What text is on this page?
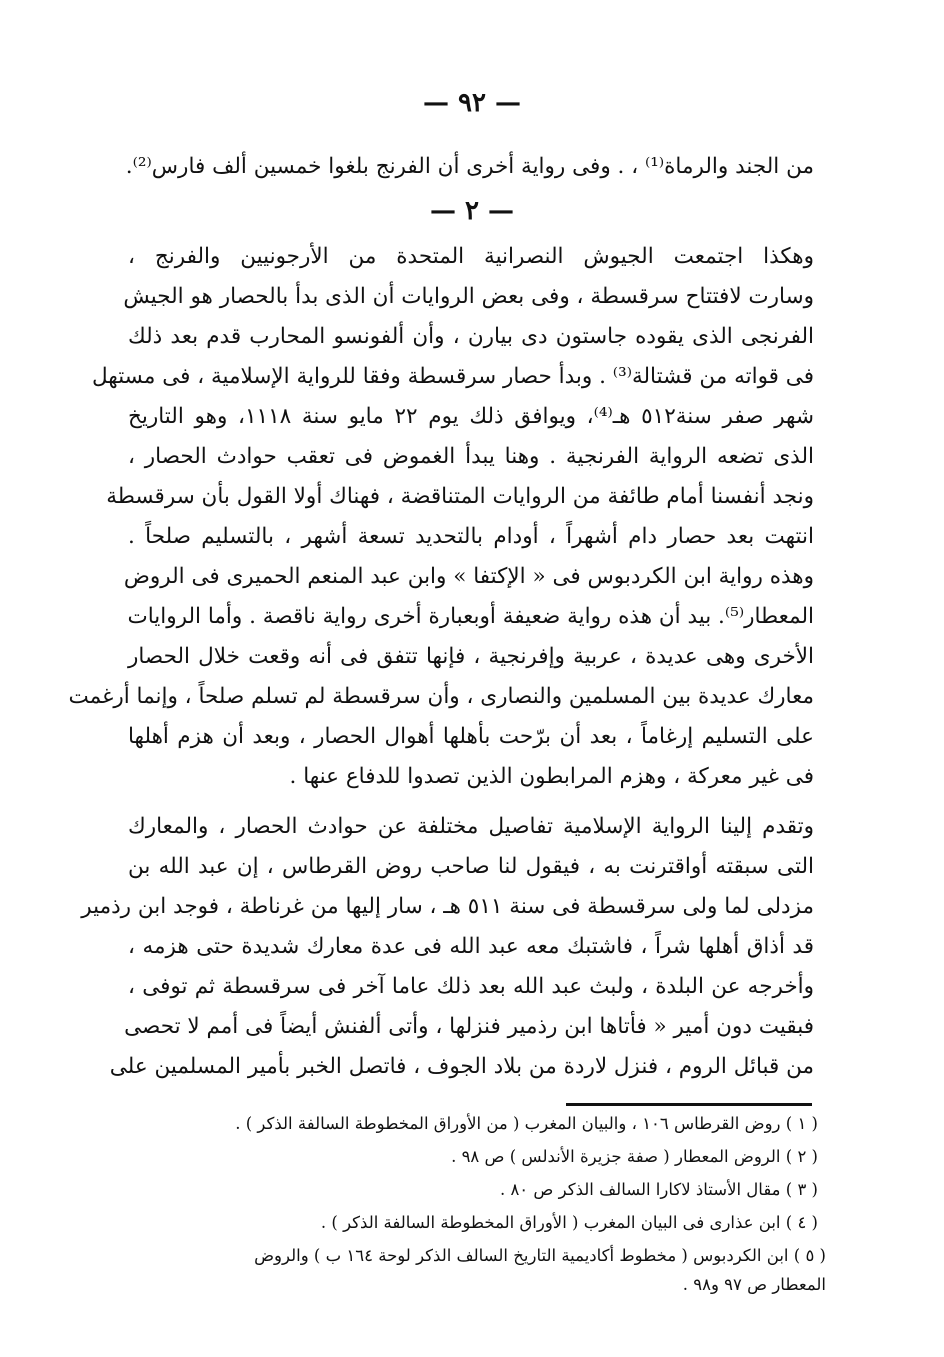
— ٩٢ —
من الجند والرماة⁽¹⁾ ، . وفى رواية أخرى أن الفرنج بلغوا خمسين ألف فارس⁽²⁾.
— ٢ —
وهكذا اجتمعت الجيوش النصرانية المتحدة من الأرجونيين والفرنج ،
وسارت لافتتاح سرقسطة ، وفى بعض الروايات أن الذى بدأ بالحصار هو الجيش
الفرنجى الذى يقوده جاستون دى بيارن ، وأن ألفونسو المحارب قدم بعد ذلك
فى قواته من قشتالة⁽³⁾ . وبدأ حصار سرقسطة وفقا للرواية الإسلامية ، فى مستهل
شهر صفر سنة٥١٢ هـ⁽⁴⁾، ويوافق ذلك يوم ٢٢ مايو سنة ١١١٨، وهو التاريخ
الذى تضعه الرواية الفرنجية . وهنا يبدأ الغموض فى تعقب حوادث الحصار ،
ونجد أنفسنا أمام طائفة من الروايات المتناقضة ، فهناك أولا القول بأن سرقسطة
انتهت بعد حصار دام أشهراً ، أودام بالتحديد تسعة أشهر ، بالتسليم صلحاً .
وهذه رواية ابن الكردبوس فى « الإكتفا » وابن عبد المنعم الحميرى فى الروض
المعطار⁽⁵⁾. بيد أن هذه رواية ضعيفة أوبعبارة أخرى رواية ناقصة . وأما الروايات
الأخرى وهى عديدة ، عربية وإفرنجية ، فإنها تتفق فى أنه وقعت خلال الحصار
معارك عديدة بين المسلمين والنصارى ، وأن سرقسطة لم تسلم صلحاً ، وإنما أرغمت
على التسليم إرغاماً ، بعد أن برّحت بأهلها أهوال الحصار ، وبعد أن هزم أهلها
فى غير معركة ، وهزم المرابطون الذين تصدوا للدفاع عنها .
وتقدم إلينا الرواية الإسلامية تفاصيل مختلفة عن حوادث الحصار ، والمعارك
التى سبقته أواقترنت به ، فيقول لنا صاحب روض القرطاس ، إن عبد الله بن
مزدلى لما ولى سرقسطة فى سنة ٥١١ هـ ، سار إليها من غرناطة ، فوجد ابن رذمير
قد أذاق أهلها شراً ، فاشتبك معه عبد الله فى عدة معارك شديدة حتى هزمه ،
وأخرجه عن البلدة ، ولبث عبد الله بعد ذلك عاما آخر فى سرقسطة ثم توفى ،
فبقيت دون أمير « فأتاها ابن رذمير فنزلها ، وأتى ألفنش أيضاً فى أمم لا تحصى
من قبائل الروم ، فنزل لاردة من بلاد الجوف ، فاتصل الخبر بأمير المسلمين على
( ١ ) روض القرطاس ١٠٦ ، والبيان المغرب ( من الأوراق المخطوطة السالفة الذكر ) .
( ٢ ) الروض المعطار ( صفة جزيرة الأندلس ) ص ٩٨ .
( ٣ ) مقال الأستاذ لاكارا السالف الذكر ص ٨٠ .
( ٤ ) ابن عذارى فى البيان المغرب ( الأوراق المخطوطة السالفة الذكر ) .
( ٥ ) ابن الكردبوس ( مخطوط أكاديمية التاريخ السالف الذكر لوحة ١٦٤ ب ) والروض
المعطار ص ٩٧ و٩٨ .
